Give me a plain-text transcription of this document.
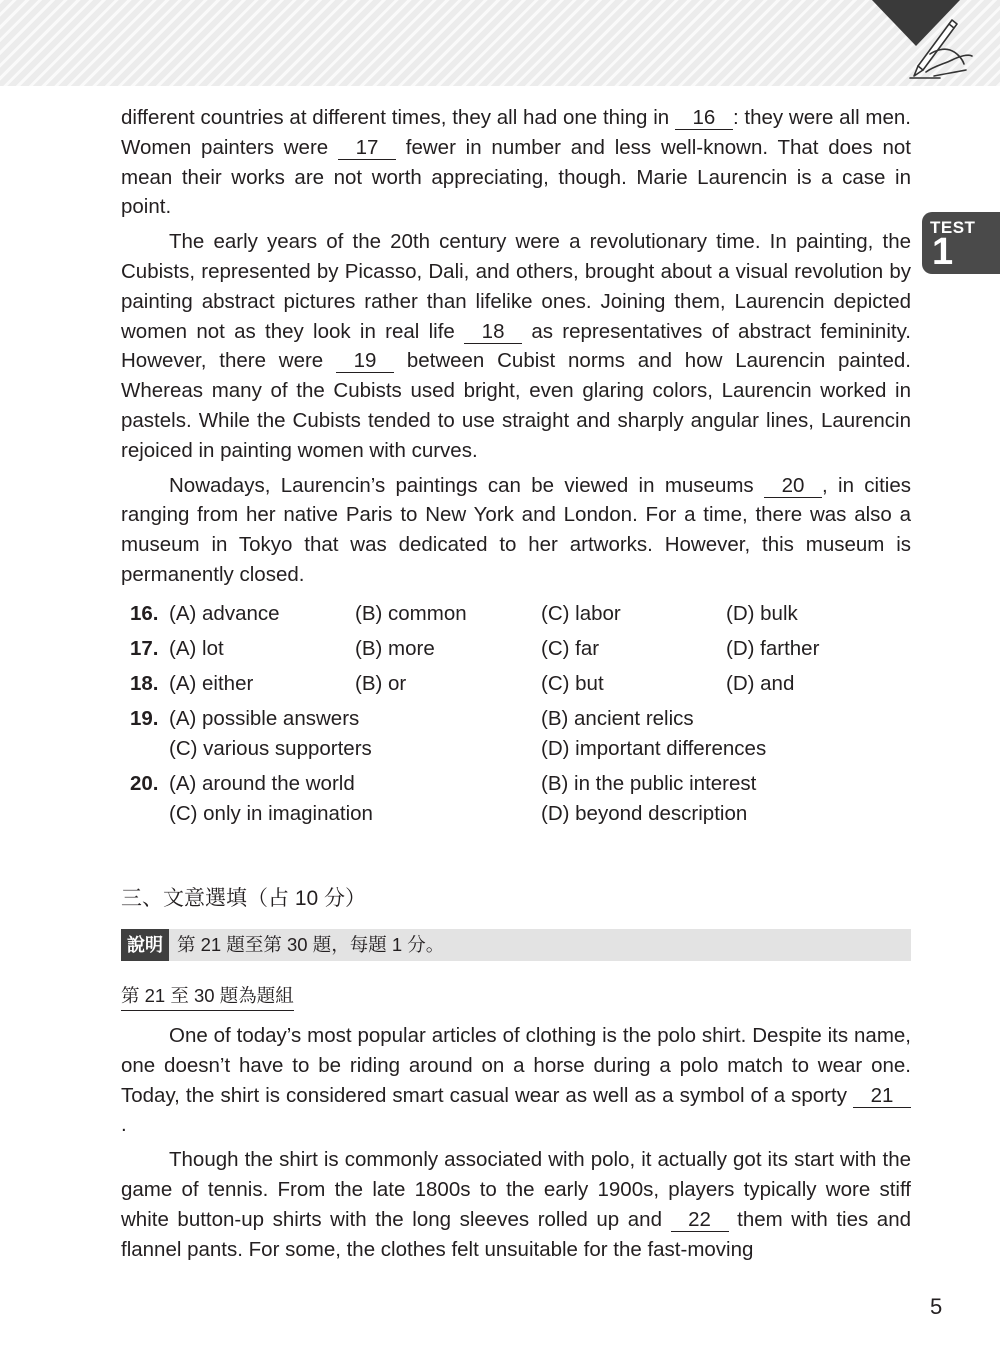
TEST
1

different countries at different times, they all had one thing in 16 : they were all men. Women painters were 17 fewer in number and less well-known. That does not mean their works are not worth appreciating, though. Marie Laurencin is a case in point.

The early years of the 20th century were a revolutionary time. In painting, the Cubists, represented by Picasso, Dali, and others, brought about a visual revolution by painting abstract pictures rather than lifelike ones. Joining them, Laurencin depicted women not as they look in real life 18 as representatives of abstract femininity. However, there were 19 between Cubist norms and how Laurencin painted. Whereas many of the Cubists used bright, even glaring colors, Laurencin worked in pastels. While the Cubists tended to use straight and sharply angular lines, Laurencin rejoiced in painting women with curves.

Nowadays, Laurencin’s paintings can be viewed in museums 20 , in cities ranging from her native Paris to New York and London. For a time, there was also a museum in Tokyo that was dedicated to her artworks. However, this museum is permanently closed.

16. (A) advance	(B) common	(C) labor	(D) bulk
17. (A) lot	(B) more	(C) far	(D) farther
18. (A) either	(B) or	(C) but	(D) and
19. (A) possible answers	(B) ancient relics
(C) various supporters	(D) important differences
20. (A) around the world	(B) in the public interest
(C) only in imagination	(D) beyond description
三、文意選填（占 10 分）
說明 第 21 題至第 30 題，每題 1 分。
第 21 至 30 題為題組

One of today’s most popular articles of clothing is the polo shirt. Despite its name, one doesn’t have to be riding around on a horse during a polo match to wear one. Today, the shirt is considered smart casual wear as well as a symbol of a sporty 21.

Though the shirt is commonly associated with polo, it actually got its start with the game of tennis. From the late 1800s to the early 1900s, players typically wore stiff white button-up shirts with the long sleeves rolled up and 22 them with ties and flannel pants. For some, the clothes felt unsuitable for the fast-moving

5
